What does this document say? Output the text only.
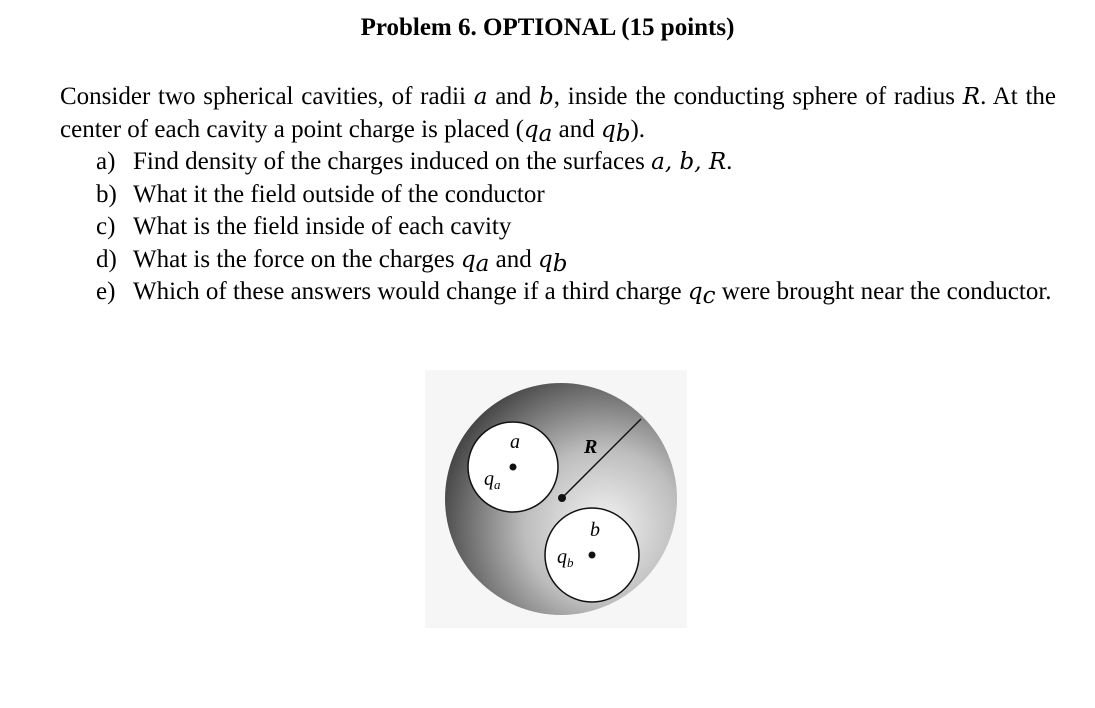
Problem 6. OPTIONAL (15 points)
Consider two spherical cavities, of radii a and b, inside the conducting sphere of radius R. At the center of each cavity a point charge is placed ($q_a$ and $q_b$).
a) Find density of the charges induced on the surfaces a, b, R.
b) What it the field outside of the conductor
c) What is the field inside of each cavity
d) What is the force on the charges $q_a$ and $q_b$
e) Which of these answers would change if a third charge $q_c$ were brought near the conductor.
a	R
$q_a$
b
$q_b$
